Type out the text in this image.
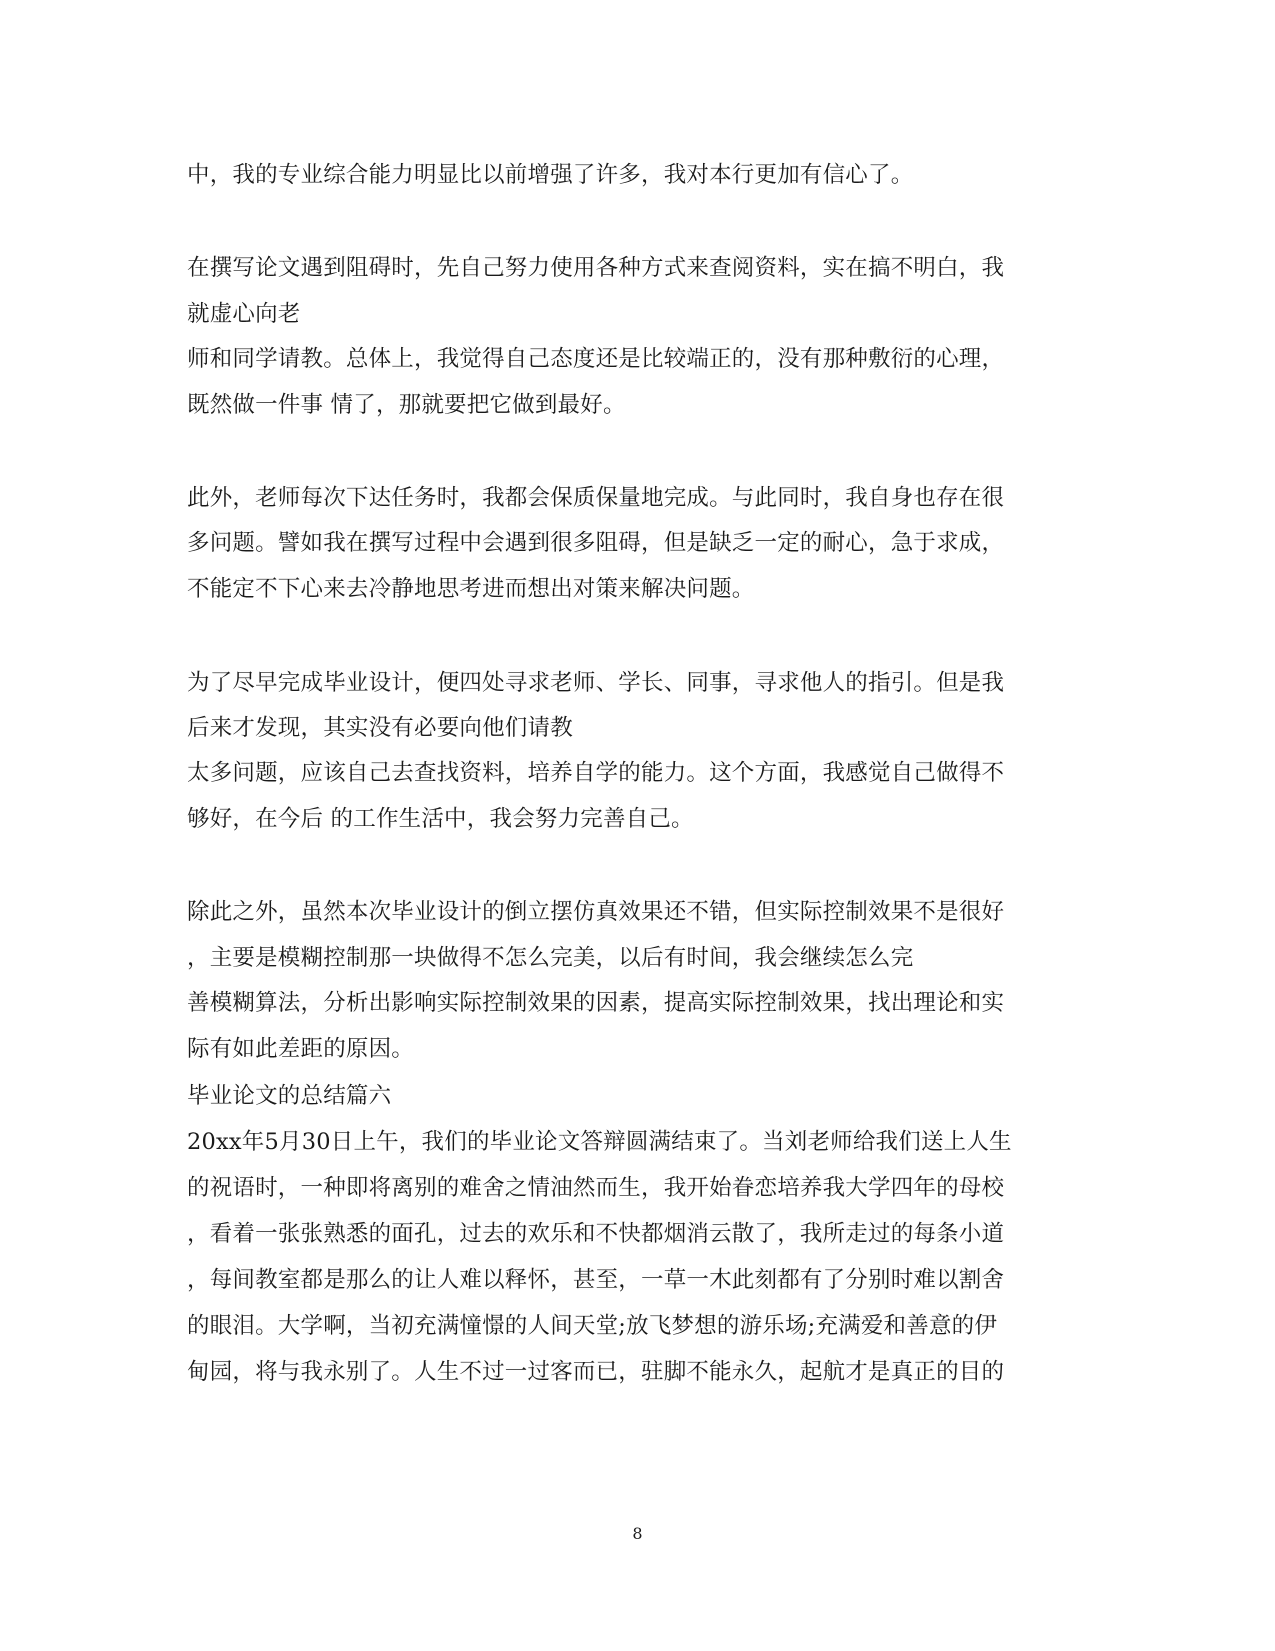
中，我的专业综合能力明显比以前增强了许多，我对本行更加有信心了。
在撰写论文遇到阻碍时，先自己努力使用各种方式来查阅资料，实在搞不明白，我
就虚心向老
师和同学请教。总体上，我觉得自己态度还是比较端正的，没有那种敷衍的心理，
既然做一件事 情了，那就要把它做到最好。
此外，老师每次下达任务时，我都会保质保量地完成。与此同时，我自身也存在很
多问题。譬如我在撰写过程中会遇到很多阻碍，但是缺乏一定的耐心，急于求成，
不能定不下心来去冷静地思考进而想出对策来解决问题。
为了尽早完成毕业设计，便四处寻求老师、学长、同事，寻求他人的指引。但是我
后来才发现，其实没有必要向他们请教
太多问题，应该自己去查找资料，培养自学的能力。这个方面，我感觉自己做得不
够好，在今后 的工作生活中，我会努力完善自己。
除此之外，虽然本次毕业设计的倒立摆仿真效果还不错，但实际控制效果不是很好
，主要是模糊控制那一块做得不怎么完美，以后有时间，我会继续怎么完
善模糊算法，分析出影响实际控制效果的因素，提高实际控制效果，找出理论和实
际有如此差距的原因。
毕业论文的总结篇六
20xx年5月30日上午，我们的毕业论文答辩圆满结束了。当刘老师给我们送上人生
的祝语时，一种即将离别的难舍之情油然而生，我开始眷恋培养我大学四年的母校
，看着一张张熟悉的面孔，过去的欢乐和不快都烟消云散了，我所走过的每条小道
，每间教室都是那么的让人难以释怀，甚至，一草一木此刻都有了分别时难以割舍
的眼泪。大学啊，当初充满憧憬的人间天堂;放飞梦想的游乐场;充满爱和善意的伊
甸园，将与我永别了。人生不过一过客而已，驻脚不能永久，起航才是真正的目的
8
